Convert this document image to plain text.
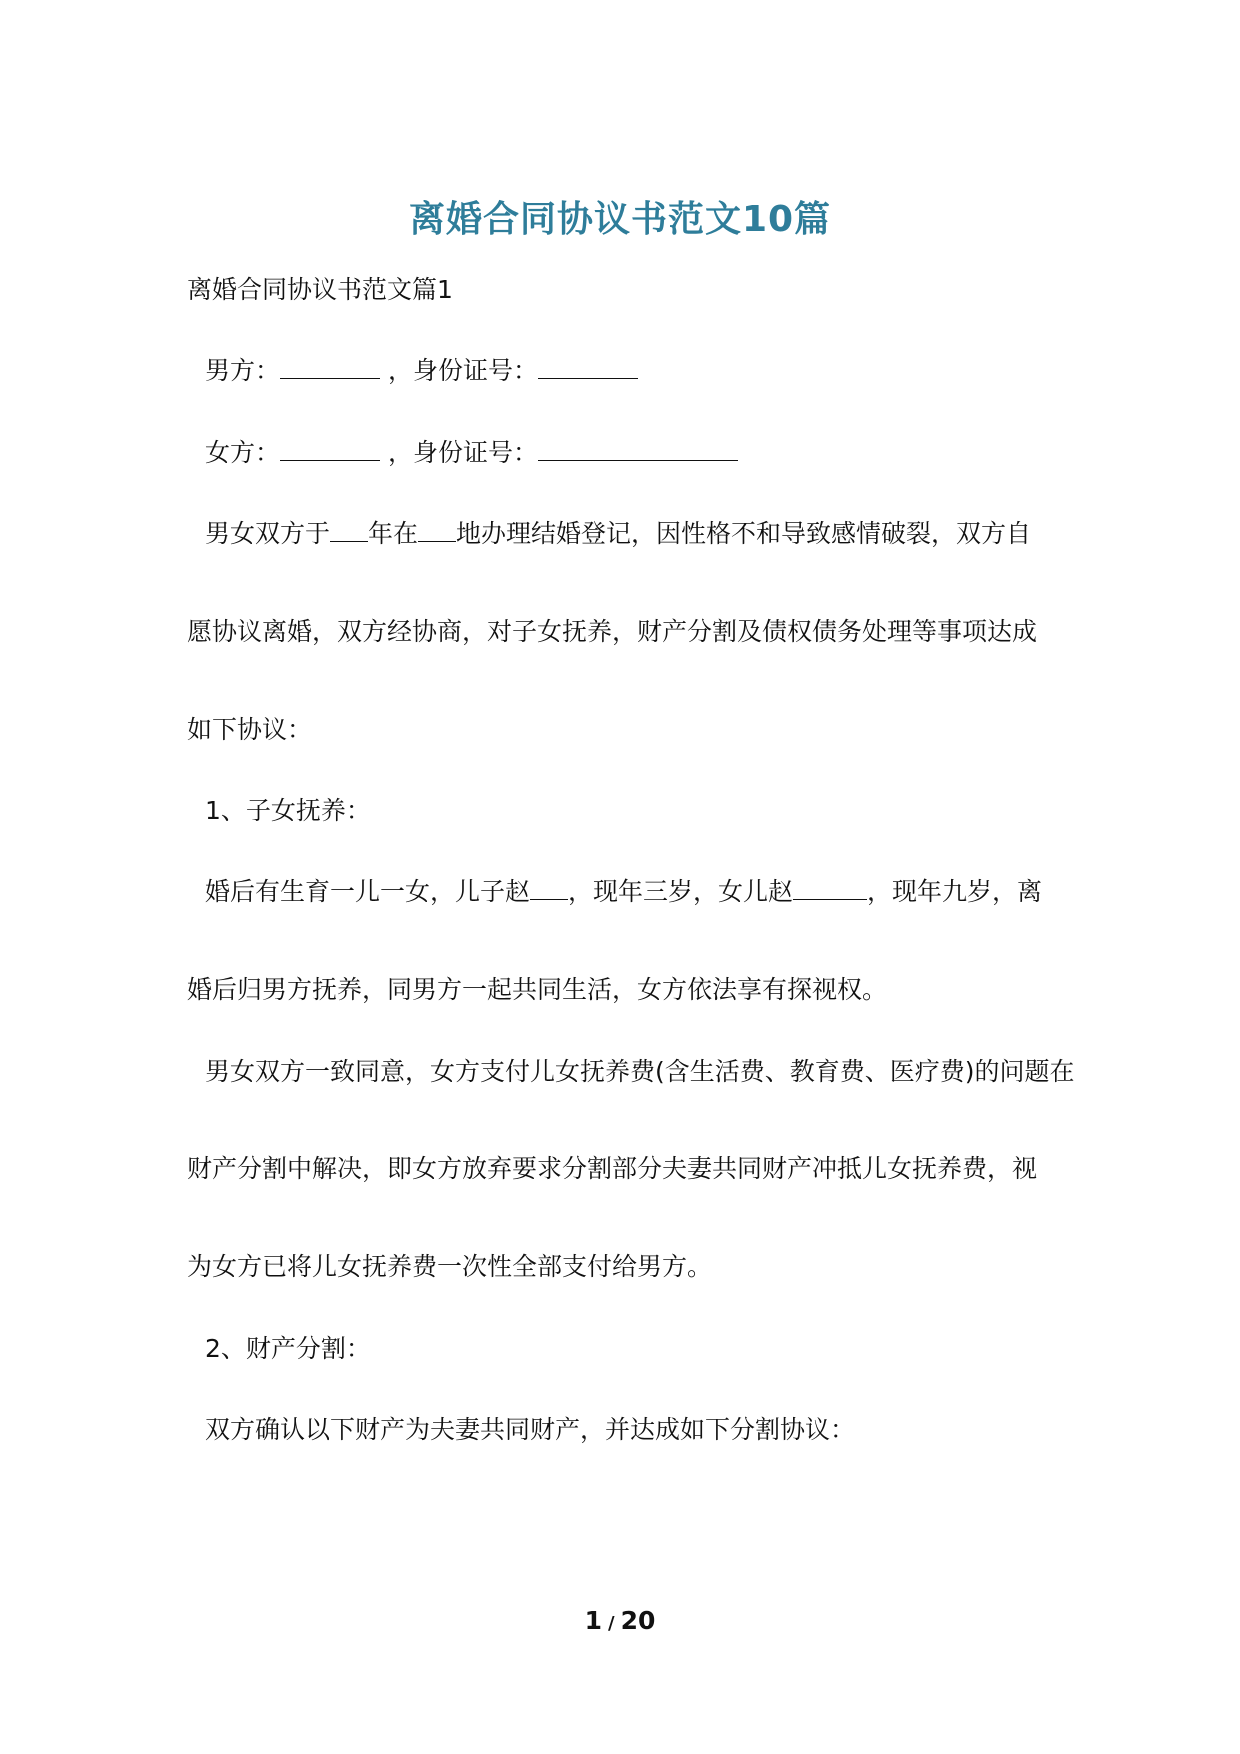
离婚合同协议书范文10篇
离婚合同协议书范文篇1
男方：	，身份证号：
女方：	，身份证号：
男女双方于 年在 地办理结婚登记，因性格不和导致感情破裂，双方自
愿协议离婚，双方经协商，对子女抚养，财产分割及债权债务处理等事项达成
如下协议：
1、子女抚养：
婚后有生育一儿一女，儿子赵 ，现年三岁，女儿赵	，现年九岁，离
婚后归男方抚养，同男方一起共同生活，女方依法享有探视权。
男女双方一致同意，女方支付儿女抚养费(含生活费、教育费、医疗费)的问题在
财产分割中解决，即女方放弃要求分割部分夫妻共同财产冲抵儿女抚养费，视
为女方已将儿女抚养费一次性全部支付给男方。
2、财产分割：
双方确认以下财产为夫妻共同财产，并达成如下分割协议：
1 / 20
